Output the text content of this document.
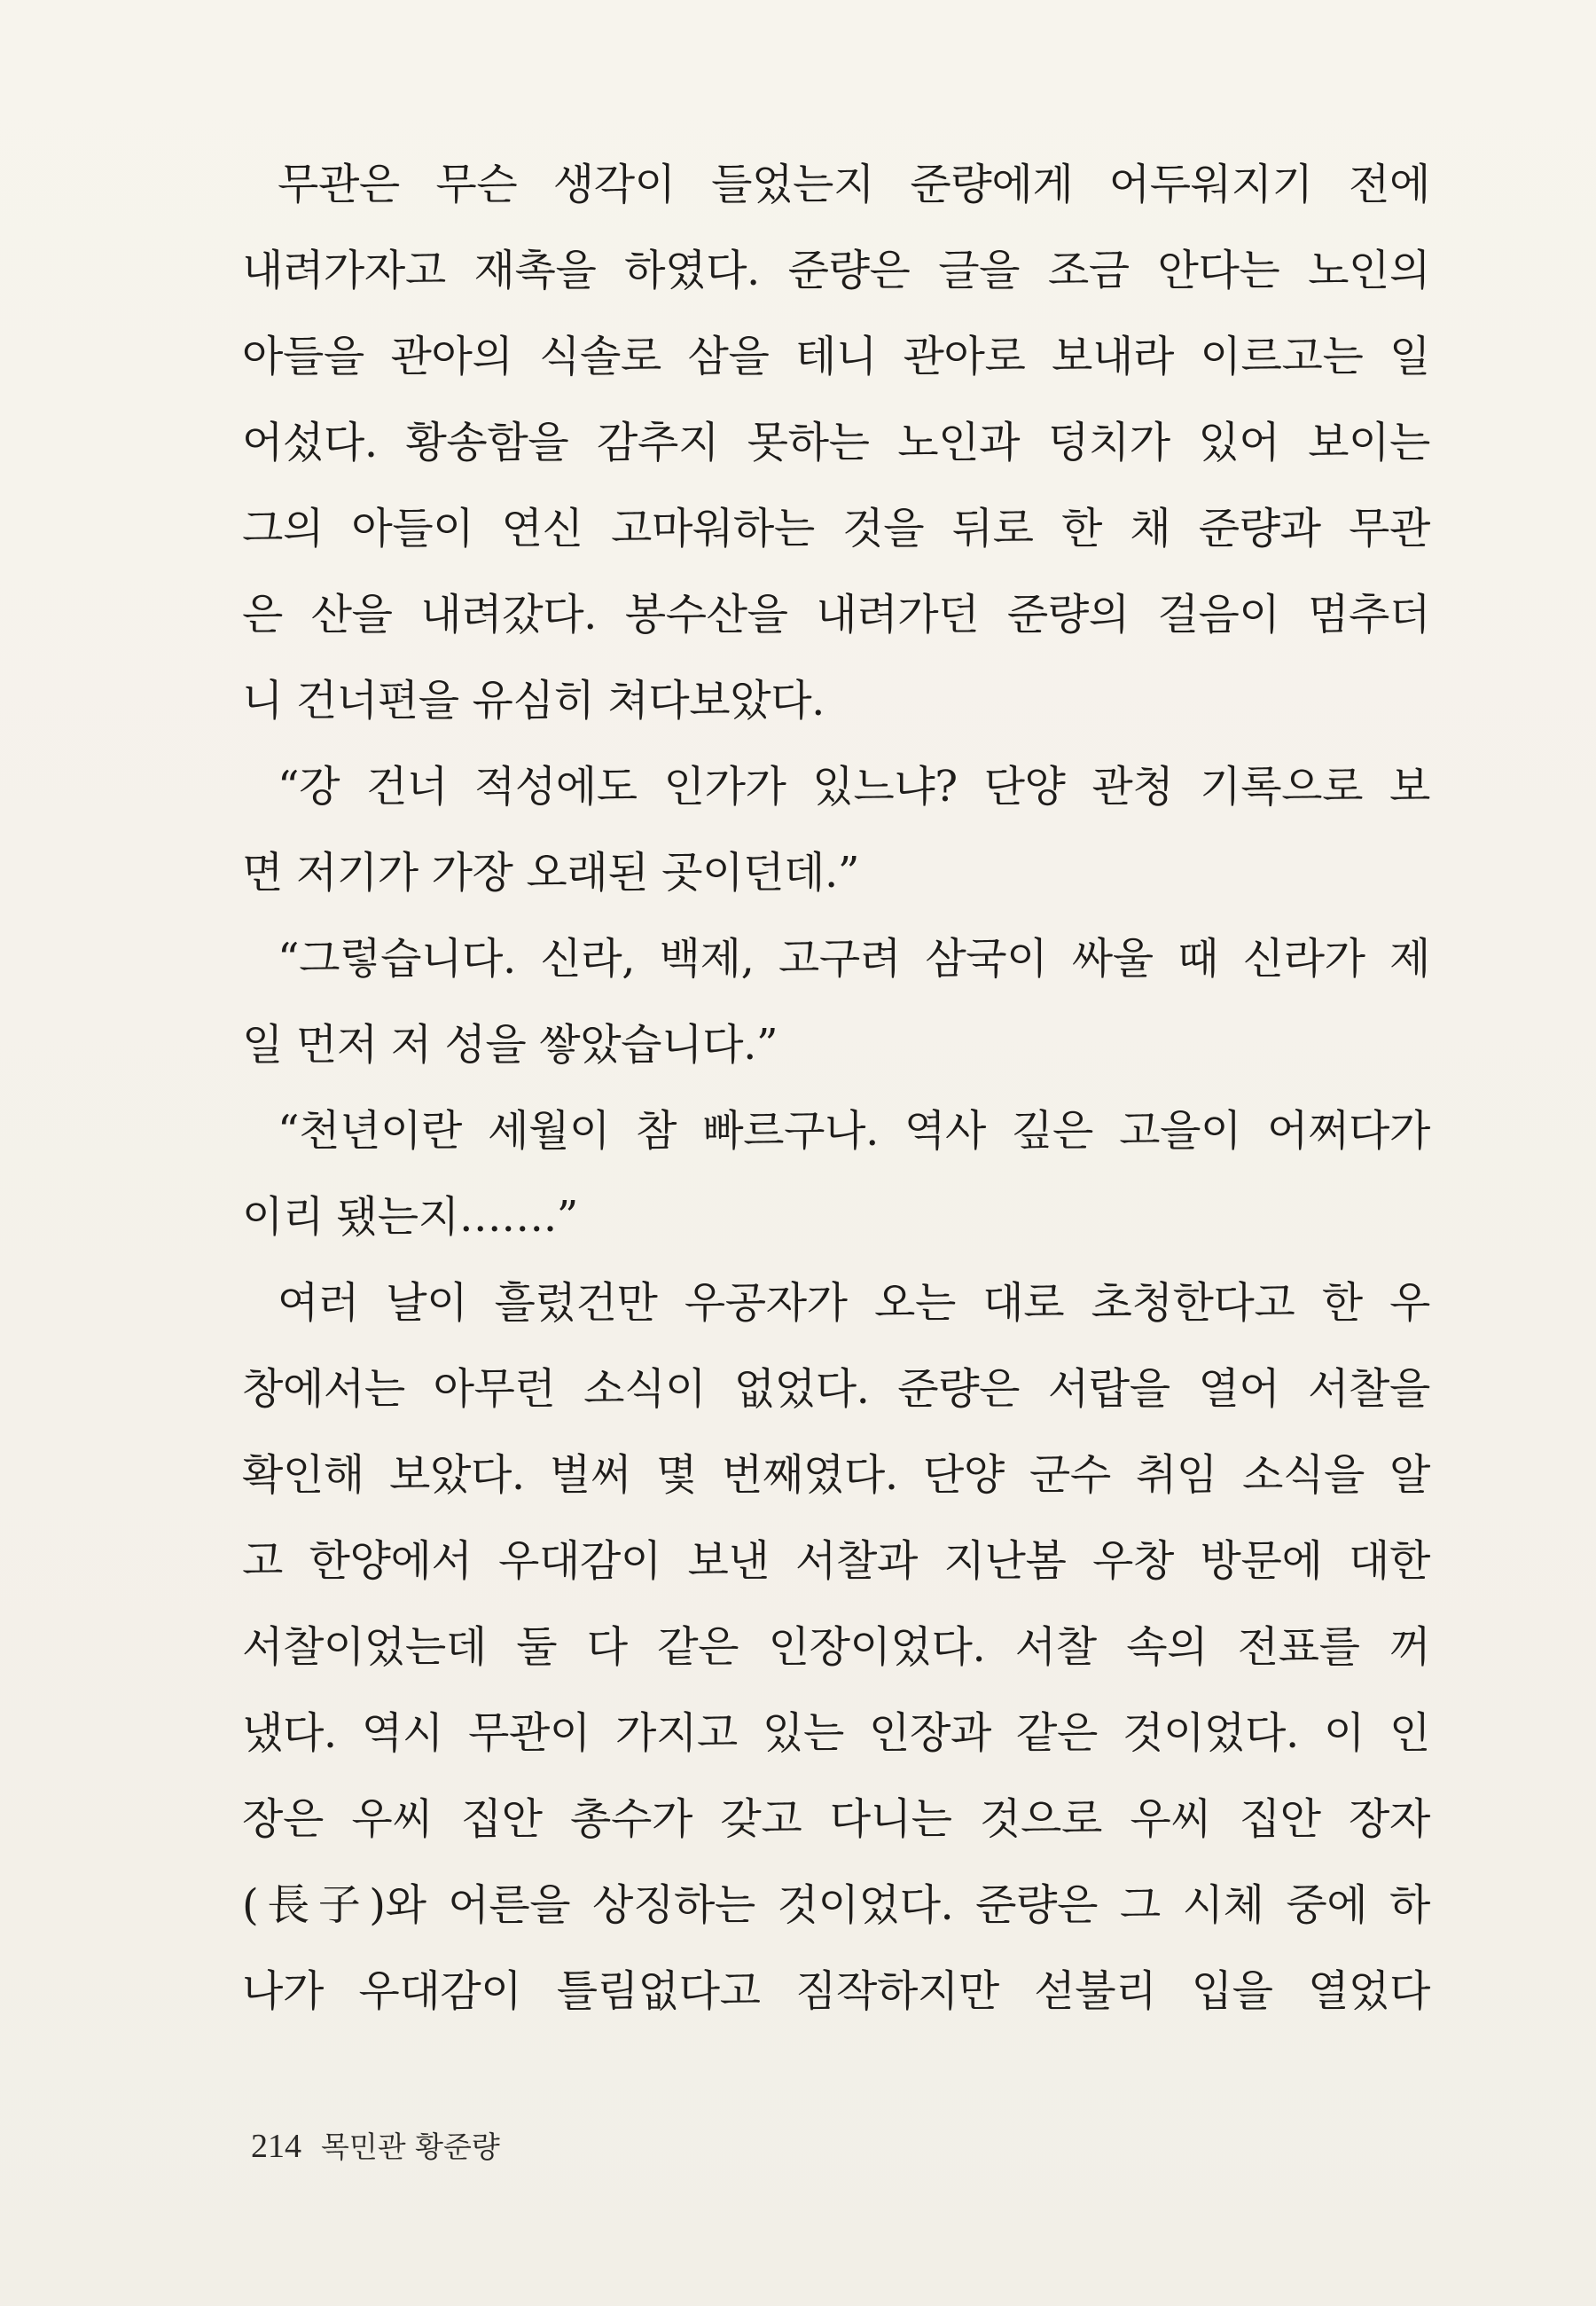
무관은 무슨 생각이 들었는지 준량에게 어두워지기 전에
내려가자고 재촉을 하였다. 준량은 글을 조금 안다는 노인의
아들을 관아의 식솔로 삼을 테니 관아로 보내라 이르고는 일
어섰다. 황송함을 감추지 못하는 노인과 덩치가 있어 보이는
그의 아들이 연신 고마워하는 것을 뒤로 한 채 준량과 무관
은 산을 내려갔다. 봉수산을 내려가던 준량의 걸음이 멈추더
니 건너편을 유심히 쳐다보았다.
“강 건너 적성에도 인가가 있느냐? 단양 관청 기록으로 보
면 저기가 가장 오래된 곳이던데.”
“그렇습니다. 신라, 백제, 고구려 삼국이 싸울 때 신라가 제
일 먼저 저 성을 쌓았습니다.”
“천년이란 세월이 참 빠르구나. 역사 깊은 고을이 어쩌다가
이리 됐는지…….”
여러 날이 흘렀건만 우공자가 오는 대로 초청한다고 한 우
창에서는 아무런 소식이 없었다. 준량은 서랍을 열어 서찰을
확인해 보았다. 벌써 몇 번째였다. 단양 군수 취임 소식을 알
고 한양에서 우대감이 보낸 서찰과 지난봄 우창 방문에 대한
서찰이었는데 둘 다 같은 인장이었다. 서찰 속의 전표를 꺼
냈다. 역시 무관이 가지고 있는 인장과 같은 것이었다. 이 인
장은 우씨 집안 총수가 갖고 다니는 것으로 우씨 집안 장자
(長子)와 어른을 상징하는 것이었다. 준량은 그 시체 중에 하
나가 우대감이 틀림없다고 짐작하지만 섣불리 입을 열었다
214 목민관 황준량
